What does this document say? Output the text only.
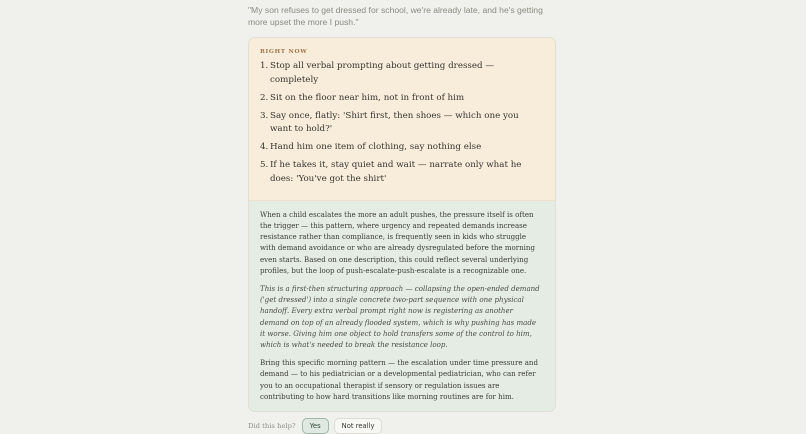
"My son refuses to get dressed for school, we're already late, and he's getting more upset the more I push."
RIGHT NOW
1. Stop all verbal prompting about getting dressed — completely
2. Sit on the floor near him, not in front of him
3. Say once, flatly: 'Shirt first, then shoes — which one you want to hold?'
4. Hand him one item of clothing, say nothing else
5. If he takes it, stay quiet and wait — narrate only what he does: 'You've got the shirt'

When a child escalates the more an adult pushes, the pressure itself is often the trigger — this pattern, where urgency and repeated demands increase resistance rather than compliance, is frequently seen in kids who struggle with demand avoidance or who are already dysregulated before the morning even starts. Based on one description, this could reflect several underlying profiles, but the loop of push-escalate-push-escalate is a recognizable one.

This is a first-then structuring approach — collapsing the open-ended demand ('get dressed') into a single concrete two-part sequence with one physical handoff. Every extra verbal prompt right now is registering as another demand on top of an already flooded system, which is why pushing has made it worse. Giving him one object to hold transfers some of the control to him, which is what's needed to break the resistance loop.

Bring this specific morning pattern — the escalation under time pressure and demand — to his pediatrician or a developmental pediatrician, who can refer you to an occupational therapist if sensory or regulation issues are contributing to how hard transitions like morning routines are for him.

Did this help?	Yes	Not really
